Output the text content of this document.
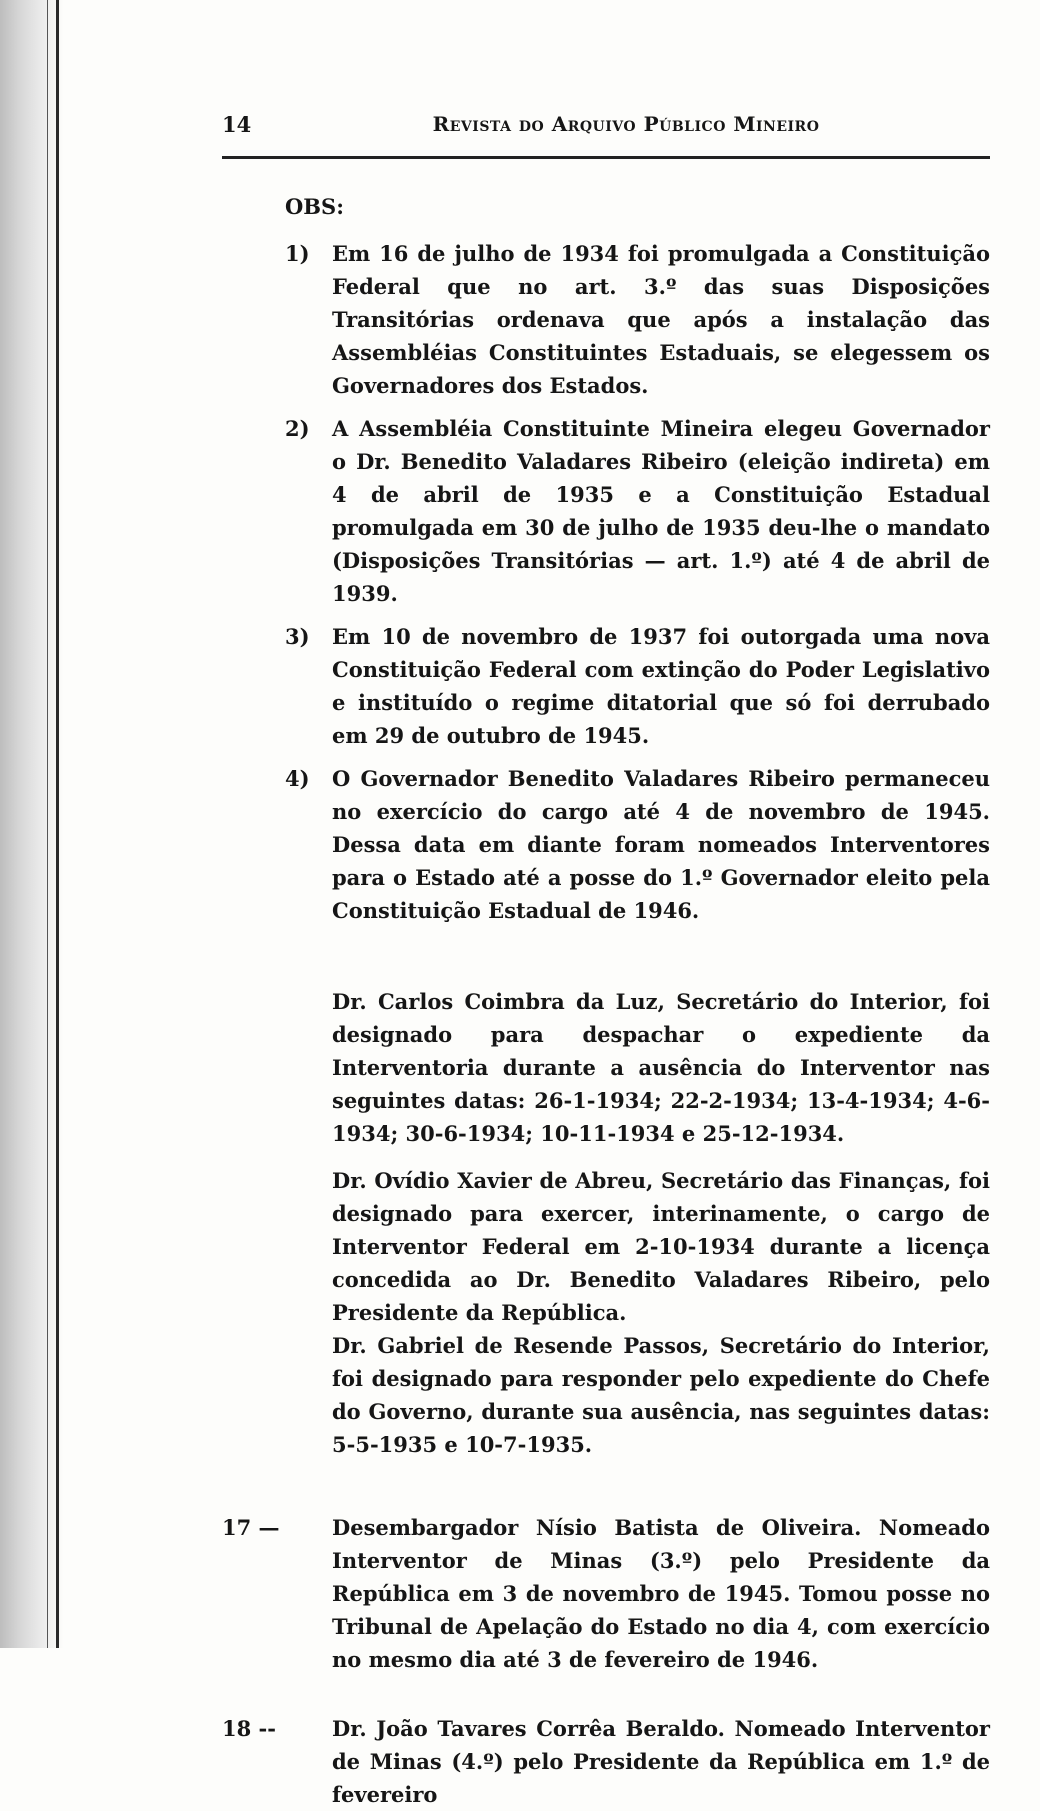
14	Revista do Arquivo Público Mineiro
OBS:
1)	Em 16 de julho de 1934 foi promulgada a Constituição Federal que no art. 3.º das suas Disposições Transitórias ordenava que após a instalação das Assembléias Constituintes Estaduais, se elegessem os Governadores dos Estados.
2)	A Assembléia Constituinte Mineira elegeu Governador o Dr. Benedito Valadares Ribeiro (eleição indireta) em 4 de abril de 1935 e a Constituição Estadual promulgada em 30 de julho de 1935 deu-lhe o mandato (Disposições Transitórias — art. 1.º) até 4 de abril de 1939.
3)	Em 10 de novembro de 1937 foi outorgada uma nova Constituição Federal com extinção do Poder Legislativo e instituído o regime ditatorial que só foi derrubado em 29 de outubro de 1945.
4)	O Governador Benedito Valadares Ribeiro permaneceu no exercício do cargo até 4 de novembro de 1945. Dessa data em diante foram nomeados Interventores para o Estado até a posse do 1.º Governador eleito pela Constituição Estadual de 1946.

Dr. Carlos Coimbra da Luz, Secretário do Interior, foi designado para despachar o expediente da Interventoria durante a ausência do Interventor nas seguintes datas: 26-1-1934; 22-2-1934; 13-4-1934; 4-6-1934; 30-6-1934; 10-11-1934 e 25-12-1934.

Dr. Ovídio Xavier de Abreu, Secretário das Finanças, foi designado para exercer, interinamente, o cargo de Interventor Federal em 2-10-1934 durante a licença concedida ao Dr. Benedito Valadares Ribeiro, pelo Presidente da República.

Dr. Gabriel de Resende Passos, Secretário do Interior, foi designado para responder pelo expediente do Chefe do Governo, durante sua ausência, nas seguintes datas: 5-5-1935 e 10-7-1935.

17 —	Desembargador Nísio Batista de Oliveira. Nomeado Interventor de Minas (3.º) pelo Presidente da República em 3 de novembro de 1945. Tomou posse no Tribunal de Apelação do Estado no dia 4, com exercício no mesmo dia até 3 de fevereiro de 1946.
18 --	Dr. João Tavares Corrêa Beraldo. Nomeado Interventor de Minas (4.º) pelo Presidente da República em 1.º de fevereiro
